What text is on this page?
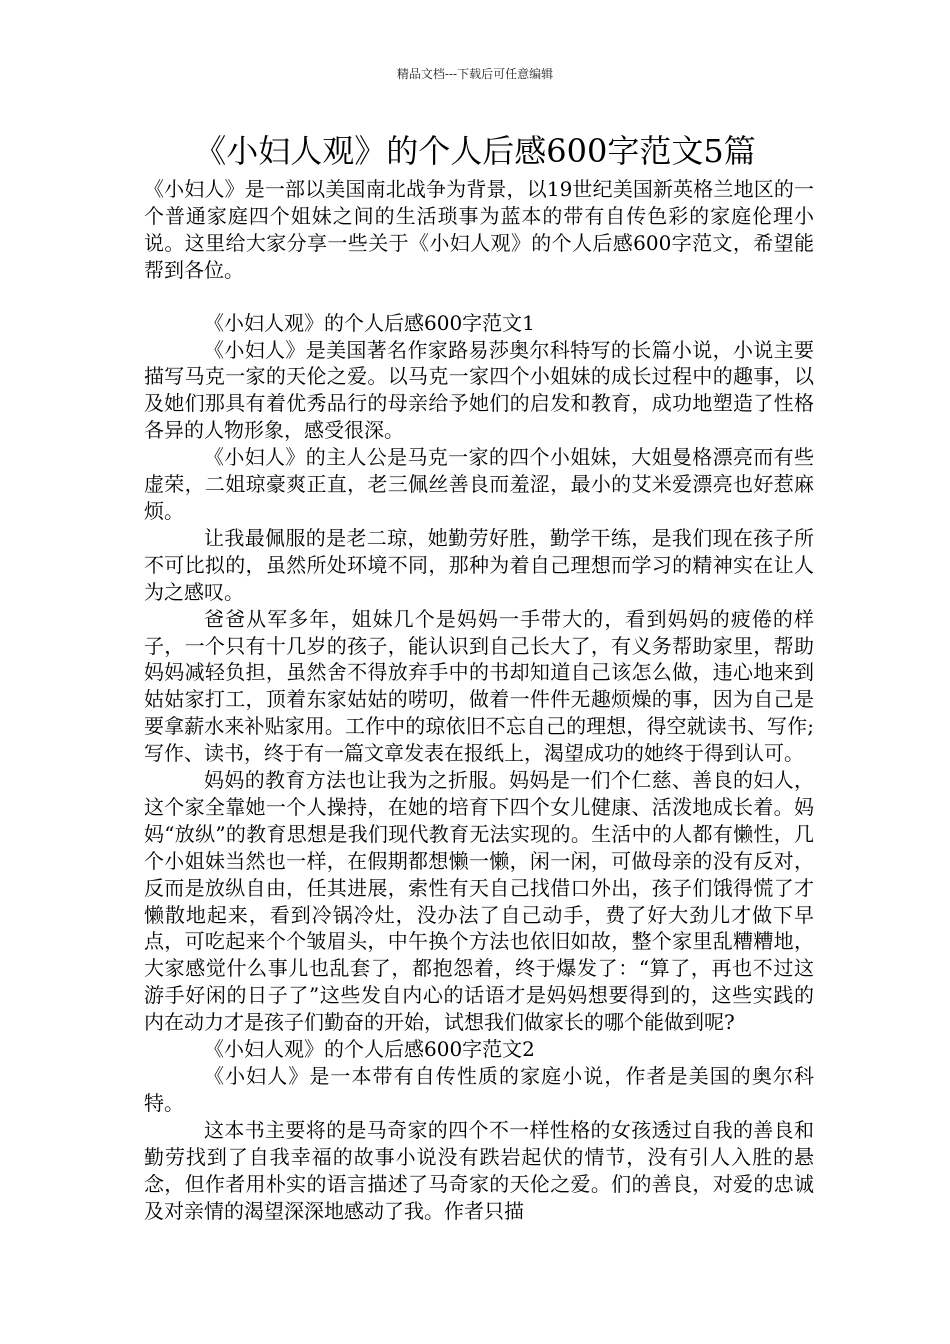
精品文档---下载后可任意编辑
《小妇人观》的个人后感600字范文5篇

《小妇人》是一部以美国南北战争为背景，以19世纪美国新英格兰地区的一个普通家庭四个姐妹之间的生活琐事为蓝本的带有自传色彩的家庭伦理小说。这里给大家分享一些关于《小妇人观》的个人后感600字范文，希望能帮到各位。

《小妇人观》的个人后感600字范文1

《小妇人》是美国著名作家路易莎奥尔科特写的长篇小说，小说主要描写马克一家的天伦之爱。以马克一家四个小姐妹的成长过程中的趣事，以及她们那具有着优秀品行的母亲给予她们的启发和教育，成功地塑造了性格各异的人物形象，感受很深。

《小妇人》的主人公是马克一家的四个小姐妹，大姐曼格漂亮而有些虚荣，二姐琼豪爽正直，老三佩丝善良而羞涩，最小的艾米爱漂亮也好惹麻烦。

让我最佩服的是老二琼，她勤劳好胜，勤学干练，是我们现在孩子所不可比拟的，虽然所处环境不同，那种为着自己理想而学习的精神实在让人为之感叹。

爸爸从军多年，姐妹几个是妈妈一手带大的，看到妈妈的疲倦的样子，一个只有十几岁的孩子，能认识到自己长大了，有义务帮助家里，帮助妈妈减轻负担，虽然舍不得放弃手中的书却知道自己该怎么做，违心地来到姑姑家打工，顶着东家姑姑的唠叨，做着一件件无趣烦燥的事，因为自己是要拿薪水来补贴家用。工作中的琼依旧不忘自己的理想，得空就读书、写作;写作、读书，终于有一篇文章发表在报纸上，渴望成功的她终于得到认可。

妈妈的教育方法也让我为之折服。妈妈是一们个仁慈、善良的妇人，这个家全靠她一个人操持，在她的培育下四个女儿健康、活泼地成长着。妈妈“放纵”的教育思想是我们现代教育无法实现的。生活中的人都有懒性，几个小姐妹当然也一样，在假期都想懒一懒，闲一闲，可做母亲的没有反对，反而是放纵自由，任其进展，索性有天自己找借口外出，孩子们饿得慌了才懒散地起来，看到冷锅冷灶，没办法了自己动手，费了好大劲儿才做下早点，可吃起来个个皱眉头，中午换个方法也依旧如故，整个家里乱糟糟地，大家感觉什么事儿也乱套了，都抱怨着，终于爆发了：“算了，再也不过这游手好闲的日子了”这些发自内心的话语才是妈妈想要得到的，这些实践的内在动力才是孩子们勤奋的开始，试想我们做家长的哪个能做到呢?

《小妇人观》的个人后感600字范文2

《小妇人》是一本带有自传性质的家庭小说，作者是美国的奥尔科特。

这本书主要将的是马奇家的四个不一样性格的女孩透过自我的善良和勤劳找到了自我幸福的故事小说没有跌岩起伏的情节，没有引人入胜的悬念，但作者用朴实的语言描述了马奇家的天伦之爱。们的善良，对爱的忠诚及对亲情的渴望深深地感动了我。作者只描
